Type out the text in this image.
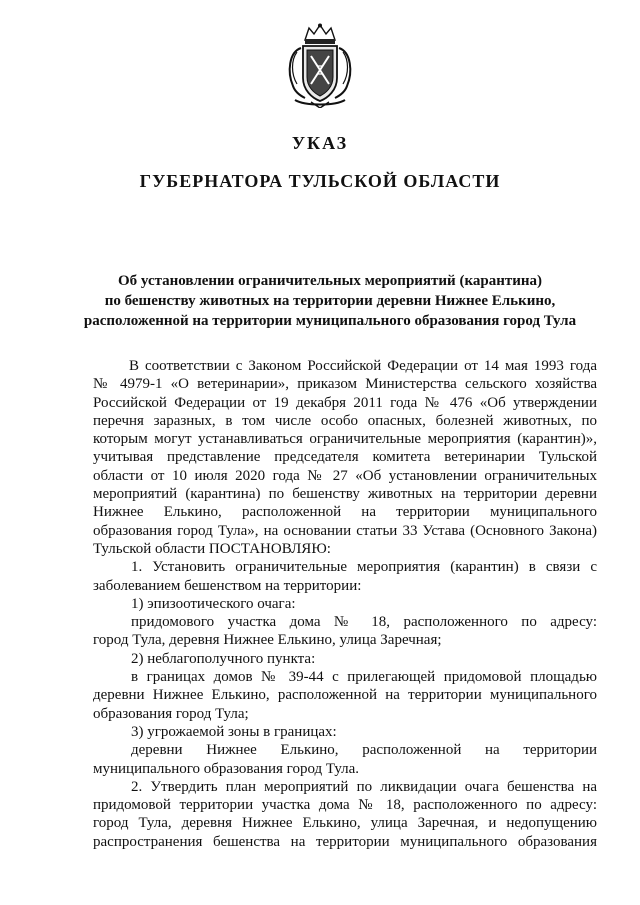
УКАЗ
ГУБЕРНАТОРА ТУЛЬСКОЙ ОБЛАСТИ
Об установлении ограничительных мероприятий (карантина)
по бешенству животных на территории деревни Нижнее Елькино,
расположенной на территории муниципального образования город Тула
В соответствии с Законом Российской Федерации от 14 мая 1993 года
№ 4979-1 «О ветеринарии», приказом Министерства сельского хозяйства
Российской Федерации от 19 декабря 2011 года № 476 «Об утверждении
перечня заразных, в том числе особо опасных, болезней животных, по
которым могут устанавливаться ограничительные мероприятия (карантин)»,
учитывая представление председателя комитета ветеринарии Тульской
области от 10 июля 2020 года № 27 «Об установлении ограничительных
мероприятий (карантина) по бешенству животных на территории деревни
Нижнее Елькино, расположенной на территории муниципального
образования город Тула», на основании статьи 33 Устава (Основного Закона)
Тульской области ПОСТАНОВЛЯЮ:
1. Установить ограничительные мероприятия (карантин) в связи с
заболеванием бешенством на территории:
1) эпизоотического очага:
придомового участка дома № 18, расположенного по адресу:
город Тула, деревня Нижнее Елькино, улица Заречная;
2) неблагополучного пункта:
в границах домов № 39-44 с прилегающей придомовой площадью
деревни Нижнее Елькино, расположенной на территории муниципального
образования город Тула;
3) угрожаемой зоны в границах:
деревни Нижнее Елькино, расположенной на территории
муниципального образования город Тула.
2. Утвердить план мероприятий по ликвидации очага бешенства на
придомовой территории участка дома № 18, расположенного по адресу:
город Тула, деревня Нижнее Елькино, улица Заречная, и недопущению
распространения бешенства на территории муниципального образования
